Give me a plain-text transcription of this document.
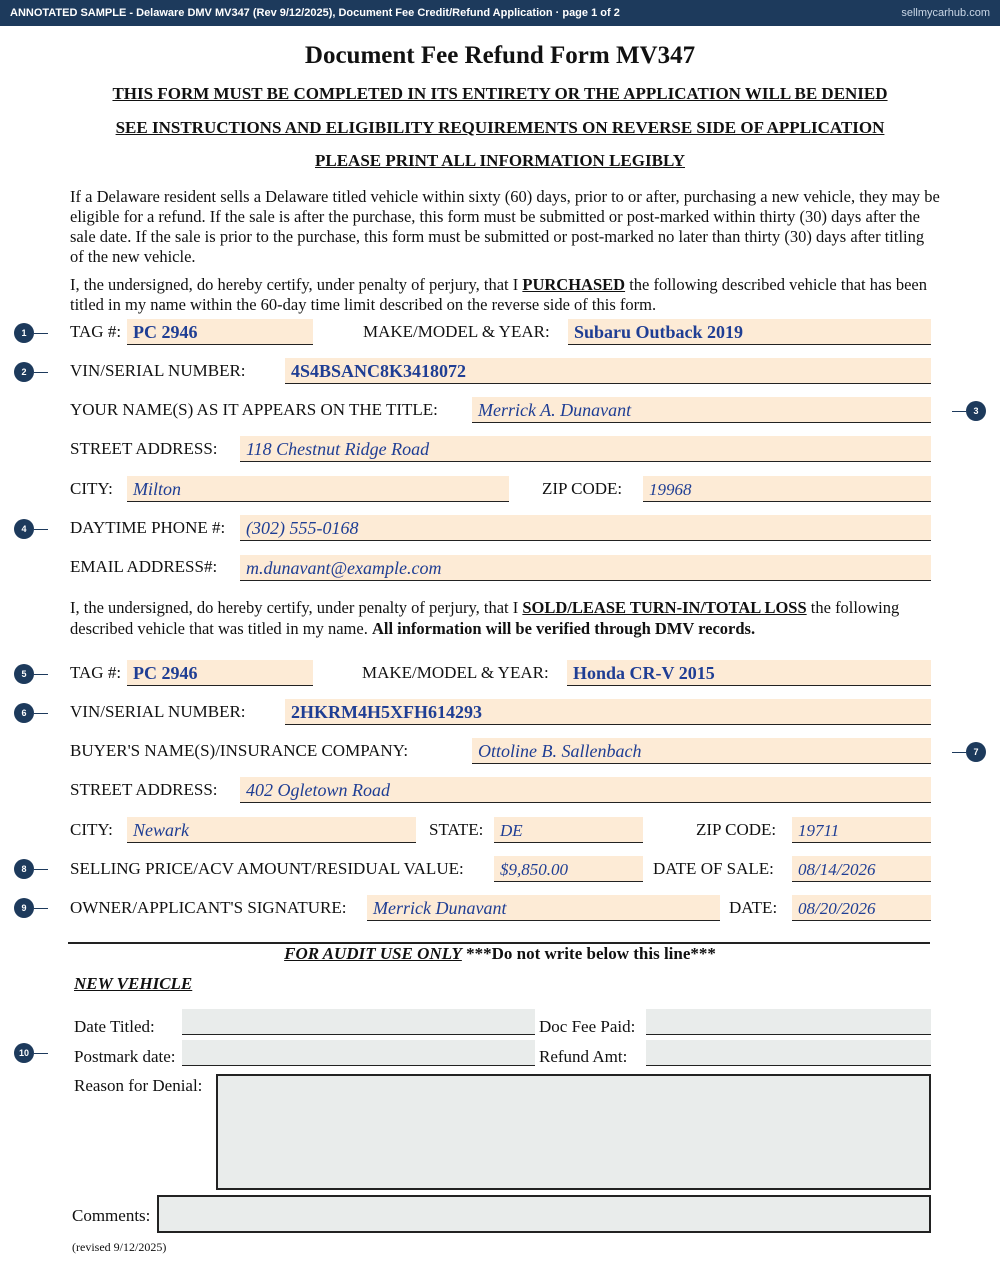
ANNOTATED SAMPLE - Delaware DMV MV347 (Rev 9/12/2025), Document Fee Credit/Refund Application · page 1 of 2	sellmycarhub.com
Document Fee Refund Form MV347
THIS FORM MUST BE COMPLETED IN ITS ENTIRETY OR THE APPLICATION WILL BE DENIED
SEE INSTRUCTIONS AND ELIGIBILITY REQUIREMENTS ON REVERSE SIDE OF APPLICATION
PLEASE PRINT ALL INFORMATION LEGIBLY
If a Delaware resident sells a Delaware titled vehicle within sixty (60) days, prior to or after, purchasing a new vehicle, they may be eligible for a refund. If the sale is after the purchase, this form must be submitted or post-marked within thirty (30) days after the sale date. If the sale is prior to the purchase, this form must be submitted or post-marked no later than thirty (30) days after titling of the new vehicle.
I, the undersigned, do hereby certify, under penalty of perjury, that I PURCHASED the following described vehicle that has been titled in my name within the 60-day time limit described on the reverse side of this form.
TAG #: PC 2946	MAKE/MODEL & YEAR: Subaru Outback 2019
VIN/SERIAL NUMBER:	4S4BSANC8K3418072
YOUR NAME(S) AS IT APPEARS ON THE TITLE: Merrick A. Dunavant
STREET ADDRESS: 118 Chestnut Ridge Road
CITY: Milton	ZIP CODE: 19968
DAYTIME PHONE #: (302) 555-0168
EMAIL ADDRESS#: m.dunavant@example.com
I, the undersigned, do hereby certify, under penalty of perjury, that I SOLD/LEASE TURN-IN/TOTAL LOSS the following described vehicle that was titled in my name. All information will be verified through DMV records.
TAG #: PC 2946	MAKE/MODEL & YEAR: Honda CR-V 2015
VIN/SERIAL NUMBER:	2HKRM4H5XFH614293
BUYER'S NAME(S)/INSURANCE COMPANY:	Ottoline B. Sallenbach
STREET ADDRESS: 402 Ogletown Road
CITY: Newark	STATE: DE	ZIP CODE: 19711
SELLING PRICE/ACV AMOUNT/RESIDUAL VALUE: $9,850.00	DATE OF SALE: 08/14/2026
OWNER/APPLICANT'S SIGNATURE: Merrick Dunavant	DATE: 08/20/2026
FOR AUDIT USE ONLY ***Do not write below this line***
NEW VEHICLE
Date Titled:	Doc Fee Paid:
Postmark date:	Refund Amt:
Reason for Denial:
Comments:
(revised 9/12/2025)
1
2
3
4
5
6
7
8
9
10
